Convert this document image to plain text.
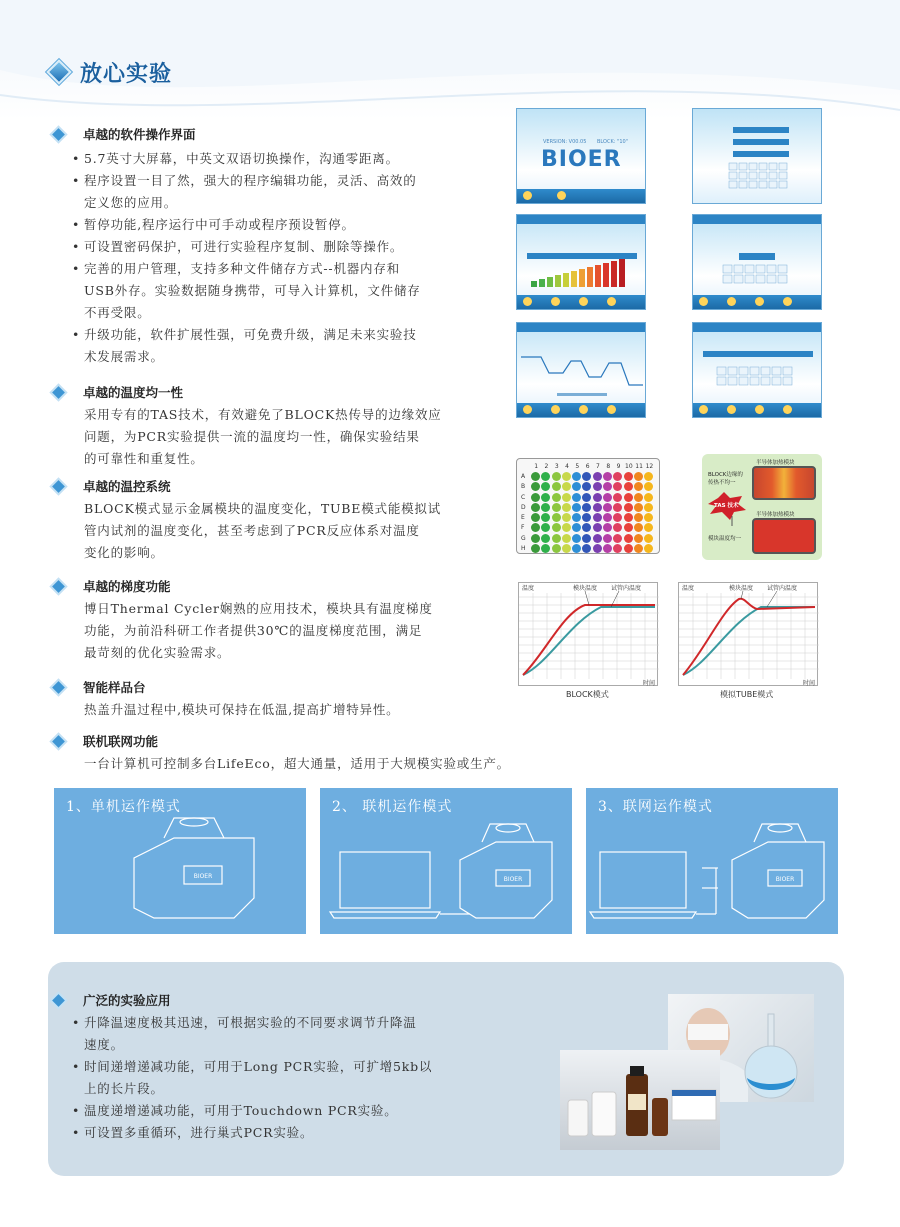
放心实验
卓越的软件操作界面
• 5.7英寸大屏幕，中英文双语切换操作，沟通零距离。
• 程序设置一目了然，强大的程序编辑功能，灵活、高效的
定义您的应用。
• 暂停功能,程序运行中可手动或程序预设暂停。
• 可设置密码保护，可进行实验程序复制、删除等操作。
• 完善的用户管理，支持多种文件储存方式--机器内存和
USB外存。实验数据随身携带，可导入计算机，文件储存
不再受限。
• 升级功能，软件扩展性强，可免费升级，满足未来实验技
术发展需求。
卓越的温度均一性
采用专有的TAS技术，有效避免了BLOCK热传导的边缘效应
问题，为PCR实验提供一流的温度均一性，确保实验结果
的可靠性和重复性。
卓越的温控系统
BLOCK模式显示金属模块的温度变化，TUBE模式能模拟试
管内试剂的温度变化，甚至考虑到了PCR反应体系对温度
变化的影响。
卓越的梯度功能
博日Thermal Cycler娴熟的应用技术，模块具有温度梯度
功能，为前沿科研工作者提供30℃的温度梯度范围，满足
最苛刻的优化实验需求。
智能样品台
热盖升温过程中,模块可保持在低温,提高扩增特异性。
联机联网功能
一台计算机可控制多台LifeEco，超大通量，适用于大规模实验或生产。
VERSION: V00.05 BLOCK: "10"
BIOER
1	2	3	4	5	6	7	8	9 10 11 12
A
B
C
D
E
F
G
H
半导体加热模块
BLOCK边缘的
传热不均一
TAS 技术
半导体加热模块
模块温度均一
温度	模块温度 试管内温度
时间
BLOCK模式
温度	模块温度 试管内温度
时间
模拟TUBE模式
1、单机运作模式
BIOER
2、 联机运作模式
BIOER
3、联网运作模式
BIOER
广泛的实验应用
• 升降温速度极其迅速，可根据实验的不同要求调节升降温
速度。
• 时间递增递减功能，可用于Long PCR实验，可扩增5kb以
上的长片段。
• 温度递增递减功能，可用于Touchdown PCR实验。
• 可设置多重循环，进行巢式PCR实验。
